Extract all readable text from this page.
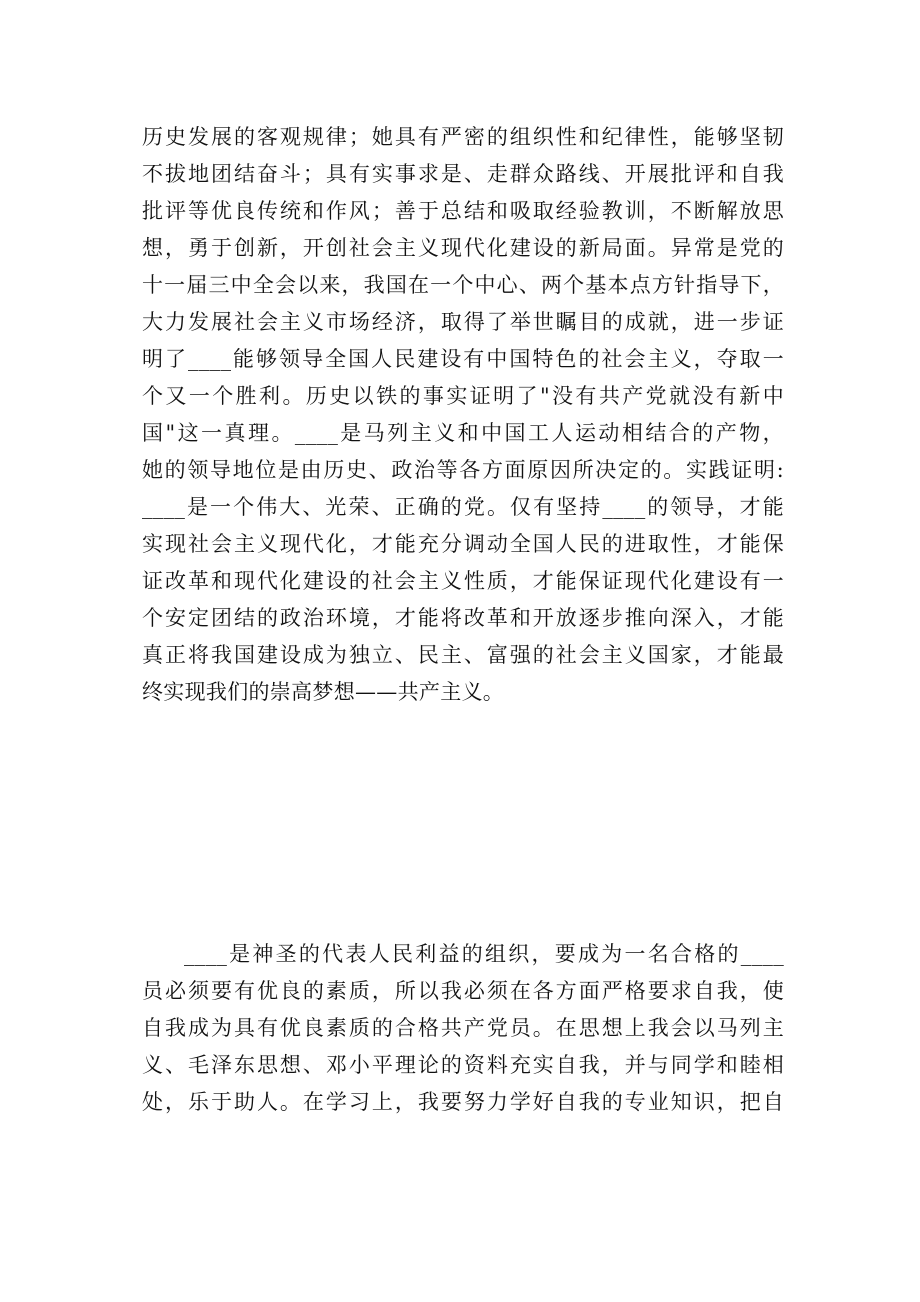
历史发展的客观规律；她具有严密的组织性和纪律性，能够坚韧
不拔地团结奋斗；具有实事求是、走群众路线、开展批评和自我
批评等优良传统和作风；善于总结和吸取经验教训，不断解放思
想，勇于创新，开创社会主义现代化建设的新局面。异常是党的
十一届三中全会以来，我国在一个中心、两个基本点方针指导下，
大力发展社会主义市场经济，取得了举世瞩目的成就，进一步证
明了____能够领导全国人民建设有中国特色的社会主义，夺取一
个又一个胜利。历史以铁的事实证明了"没有共产党就没有新中
国"这一真理。____是马列主义和中国工人运动相结合的产物，
她的领导地位是由历史、政治等各方面原因所决定的。实践证明:
____是一个伟大、光荣、正确的党。仅有坚持____的领导，才能
实现社会主义现代化，才能充分调动全国人民的进取性，才能保
证改革和现代化建设的社会主义性质，才能保证现代化建设有一
个安定团结的政治环境，才能将改革和开放逐步推向深入，才能
真正将我国建设成为独立、民主、富强的社会主义国家，才能最
终实现我们的崇高梦想——共产主义。
____是神圣的代表人民利益的组织，要成为一名合格的____
员必须要有优良的素质，所以我必须在各方面严格要求自我，使
自我成为具有优良素质的合格共产党员。在思想上我会以马列主
义、毛泽东思想、邓小平理论的资料充实自我，并与同学和睦相
处，乐于助人。在学习上，我要努力学好自我的专业知识，把自
